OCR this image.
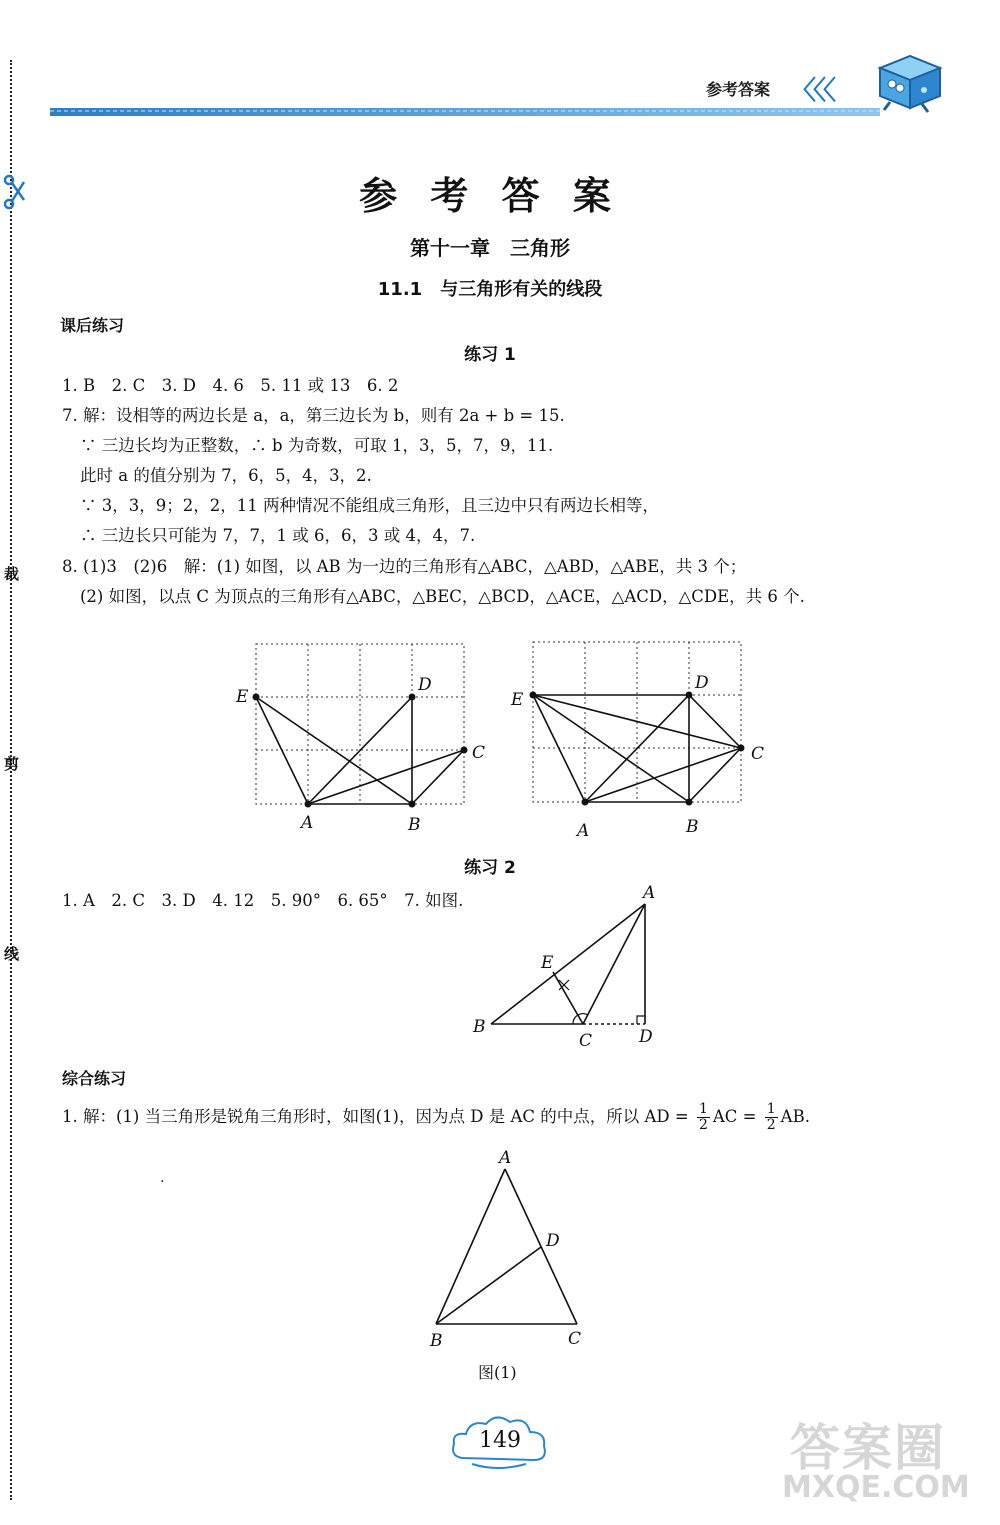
裁
剪
线
参考答案 〈〈〈
参 考 答 案
第十一章　三角形
11.1　与三角形有关的线段
课后练习
练习 1
1. B　2. C　3. D　4. 6　5. 11 或 13　6. 2
7. 解：设相等的两边长是 a，a，第三边长为 b，则有 2a + b = 15.
∵ 三边长均为正整数，∴ b 为奇数，可取 1，3，5，7，9，11.
此时 a 的值分别为 7，6，5，4，3，2.
∵ 3，3，9；2，2，11 两种情况不能组成三角形，且三边中只有两边长相等，
∴ 三边长只可能为 7，7，1 或 6，6，3 或 4，4，7.
8. (1)3　(2)6　解：(1) 如图，以 AB 为一边的三角形有△ABC，△ABD，△ABE，共 3 个；
(2) 如图，以点 C 为顶点的三角形有△ABC，△BEC，△BCD，△ACE，△ACD，△CDE，共 6 个.
E
D
C
A	B
E
D
C
A	B
练习 2
1. A　2. C　3. D　4. 12　5. 90°　6. 65°　7. 如图.	A
E
B
C	D
综合练习
1. 解：(1) 当三角形是锐角三角形时，如图(1)，因为点 D 是 AC 的中点，所以 AD = $\frac{1}{2}$ AC = $\frac{1}{2}$ AB.
A
D
B	C
图(1)
.
149	答案圈
MXQE.COM
